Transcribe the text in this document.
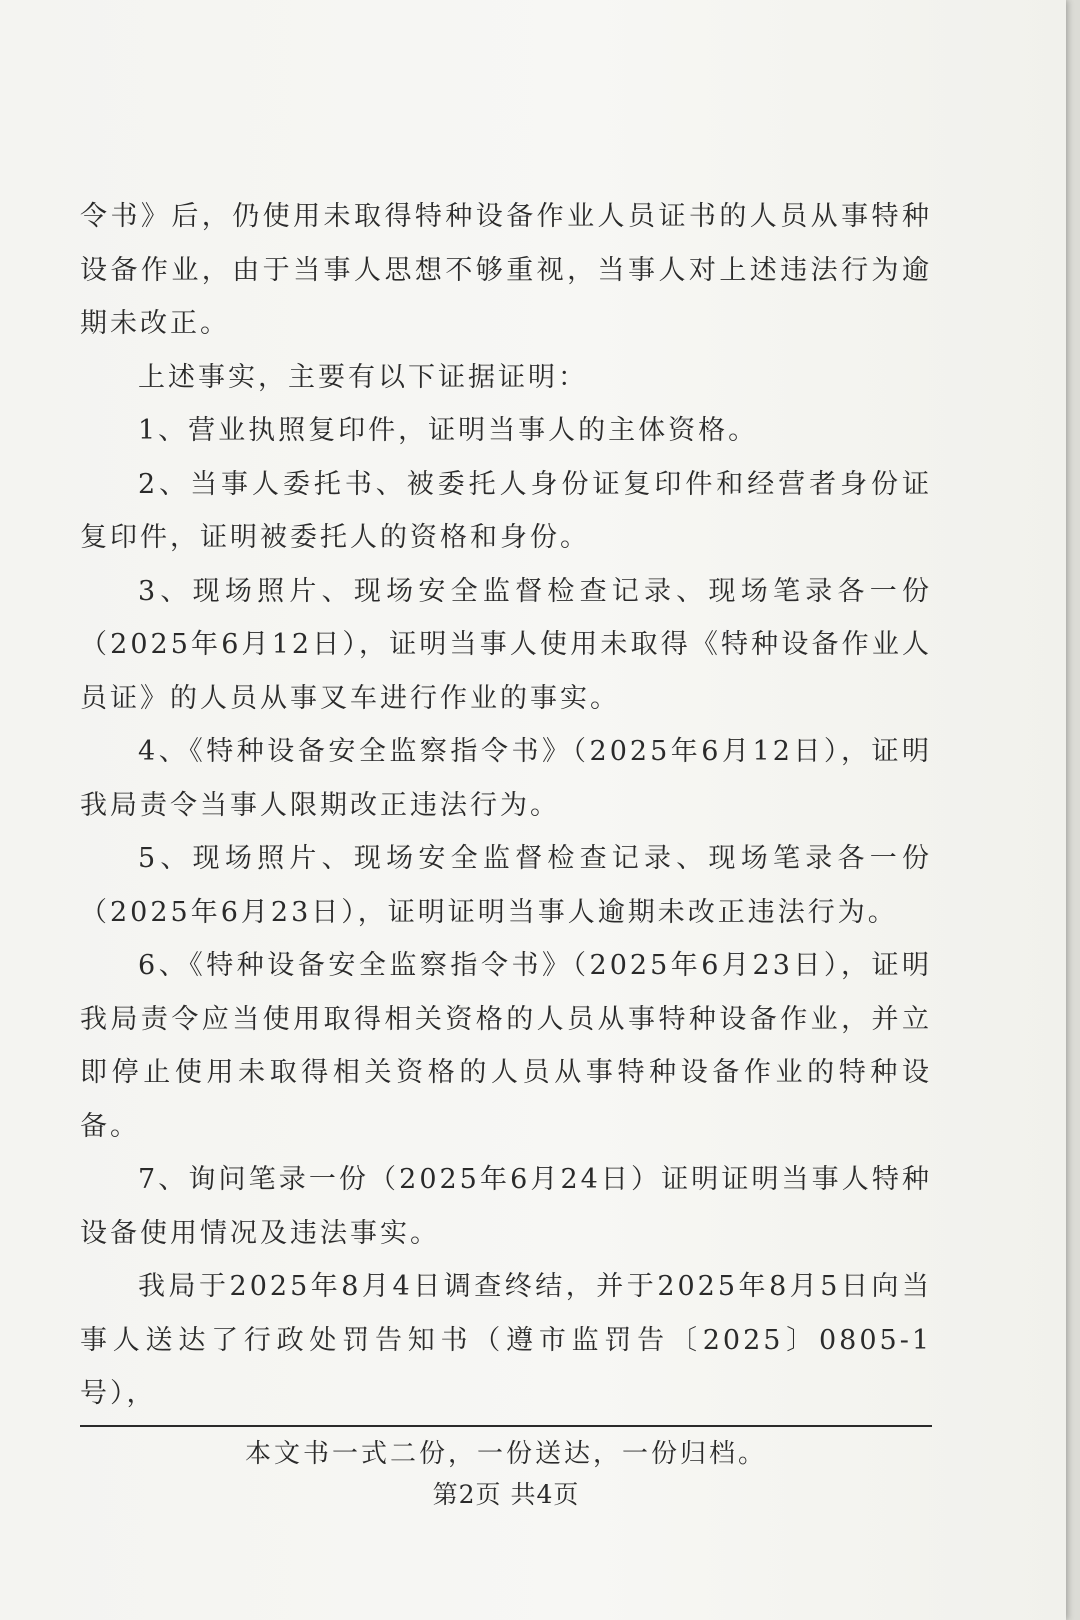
令书》后，仍使用未取得特种设备作业人员证书的人员从事特种设备作业，由于当事人思想不够重视，当事人对上述违法行为逾期未改正。

上述事实，主要有以下证据证明：

1、营业执照复印件，证明当事人的主体资格。

2、当事人委托书、被委托人身份证复印件和经营者身份证复印件，证明被委托人的资格和身份。

3、现场照片、现场安全监督检查记录、现场笔录各一份（2025年6月12日），证明当事人使用未取得《特种设备作业人员证》的人员从事叉车进行作业的事实。

4、《特种设备安全监察指令书》（2025年6月12日），证明我局责令当事人限期改正违法行为。

5、现场照片、现场安全监督检查记录、现场笔录各一份（2025年6月23日），证明证明当事人逾期未改正违法行为。

6、《特种设备安全监察指令书》（2025年6月23日），证明我局责令应当使用取得相关资格的人员从事特种设备作业，并立即停止使用未取得相关资格的人员从事特种设备作业的特种设备。

7、询问笔录一份（2025年6月24日）证明证明当事人特种设备使用情况及违法事实。

我局于2025年8月4日调查终结，并于2025年8月5日向当事人送达了行政处罚告知书（遵市监罚告〔2025〕0805-1号），

本文书一式二份，一份送达，一份归档。
第2页 共4页
